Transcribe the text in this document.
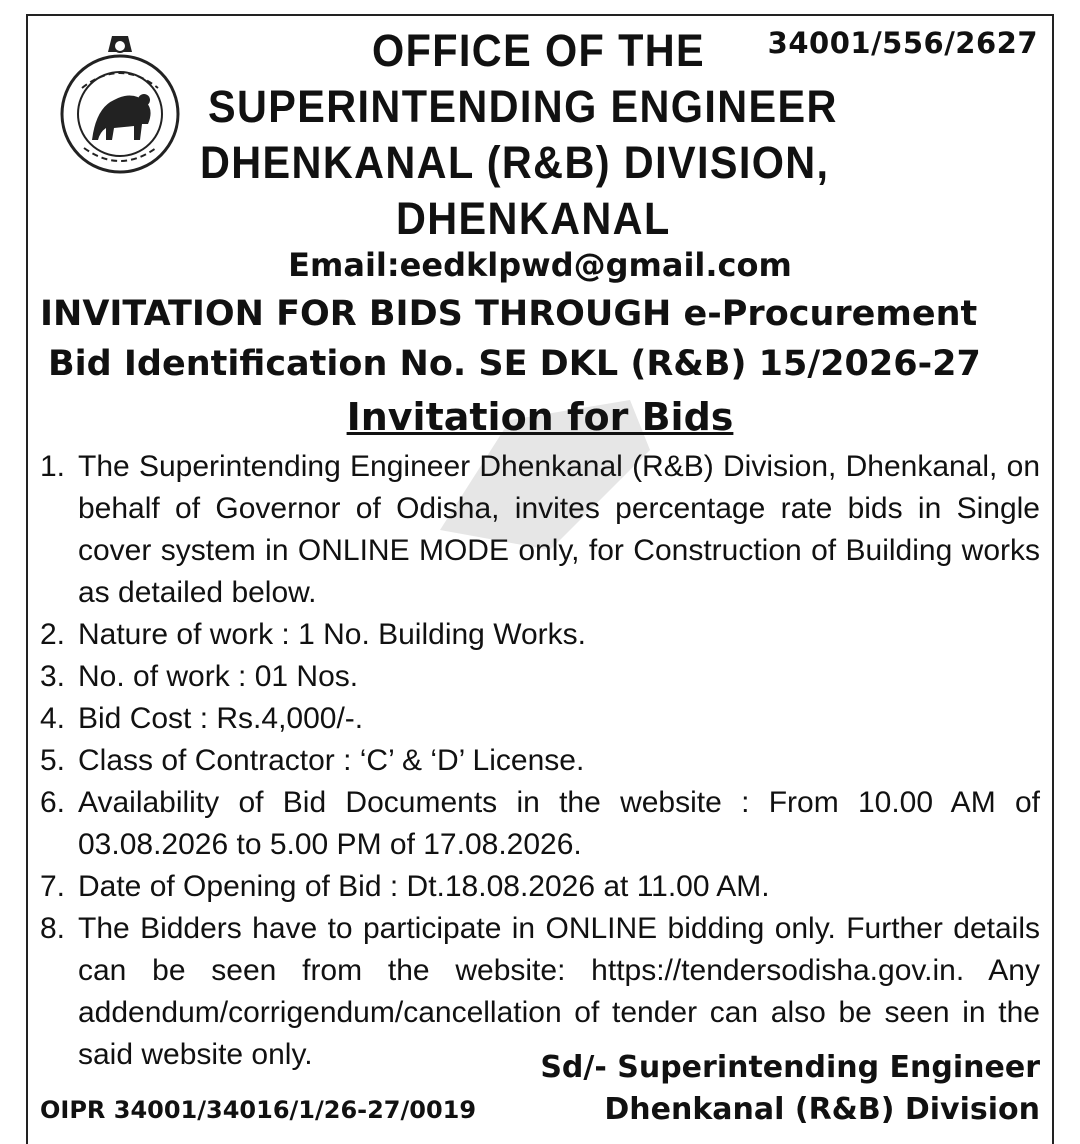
34001/556/2627
OFFICE OF THE
SUPERINTENDING ENGINEER
DHENKANAL (R&B) DIVISION,
DHENKANAL
Email:eedklpwd@gmail.com
INVITATION FOR BIDS THROUGH e-Procurement
Bid Identification No. SE DKL (R&B) 15/2026-27
Invitation for Bids
1. The Superintending Engineer Dhenkanal (R&B) Division, Dhenkanal, on behalf of Governor of Odisha, invites percentage rate bids in Single cover system in ONLINE MODE only, for Construction of Building works as detailed below.
2. Nature of work : 1 No. Building Works.
3. No. of work : 01 Nos.
4. Bid Cost : Rs.4,000/-.
5. Class of Contractor : ‘C’ & ‘D’ License.
6. Availability of Bid Documents in the website : From 10.00 AM of 03.08.2026 to 5.00 PM of 17.08.2026.
7. Date of Opening of Bid : Dt.18.08.2026 at 11.00 AM.
8. The Bidders have to participate in ONLINE bidding only. Further details can be seen from the website: https://tendersodisha.gov.in. Any addendum/corrigendum/cancellation of tender can also be seen in the said website only.	Sd/- Superintending Engineer
Dhenkanal (R&B) Division
OIPR 34001/34016/1/26-27/0019
